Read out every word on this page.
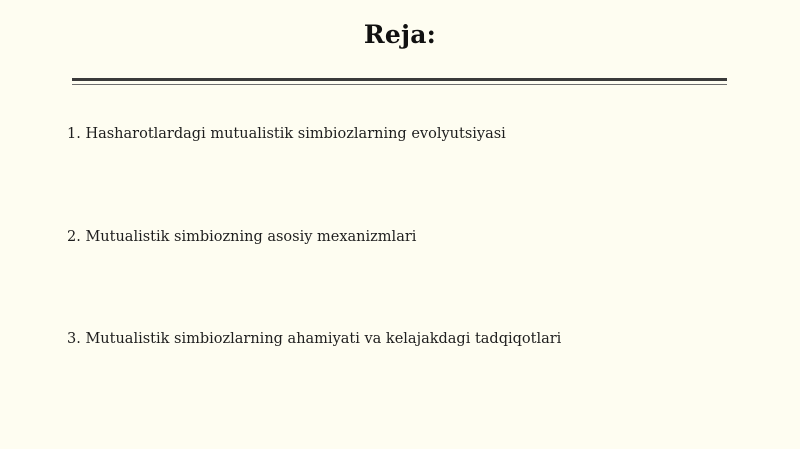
Reja:
1. Hasharotlardagi mutualistik simbiozlarning evolyutsiyasi
2. Mutualistik simbiozning asosiy mexanizmlari
3. Mutualistik simbiozlarning ahamiyati va kelajakdagi tadqiqotlari
